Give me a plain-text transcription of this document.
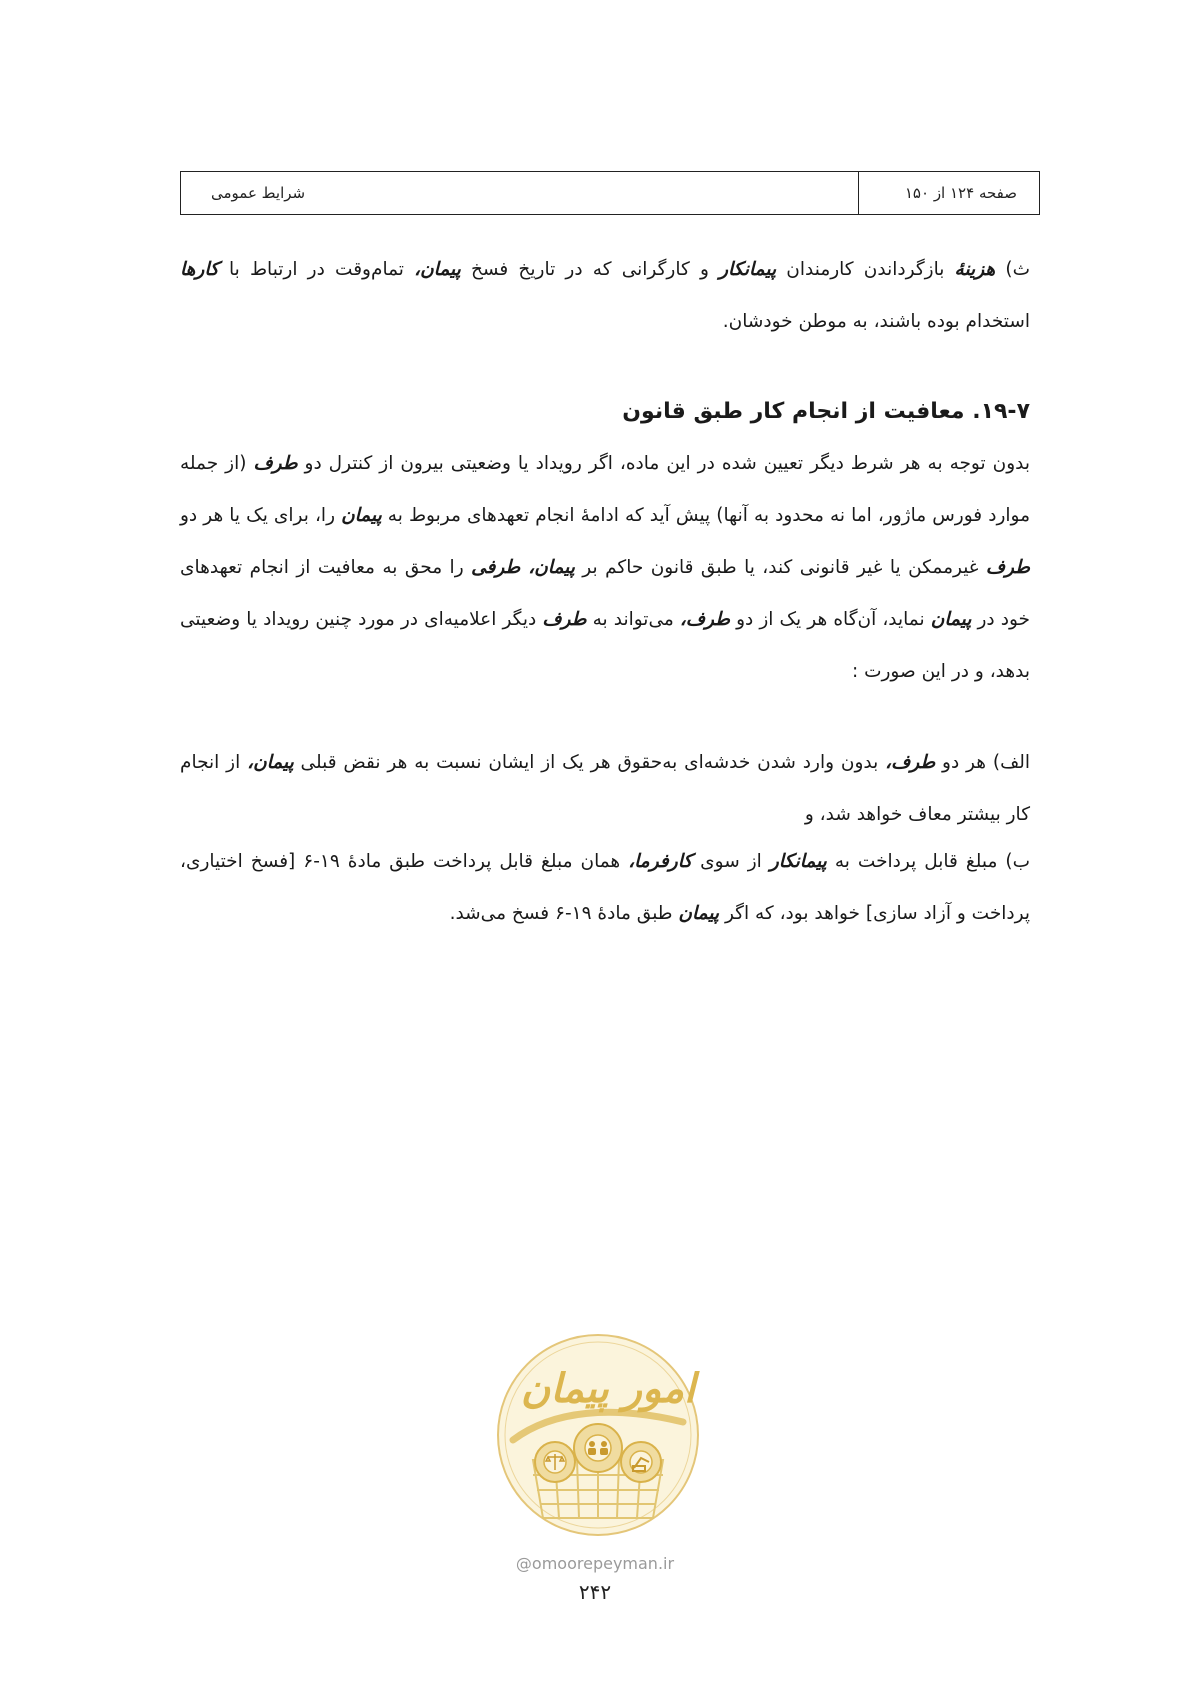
صفحه ۱۲۴ از ۱۵۰
شرایط عمومی
ث) هزینۀ بازگرداندن کارمندان پیمانکار و کارگرانی که در تاریخ فسخ پیمان، تمام‌وقت در ارتباط با کارها استخدام بوده باشند، به موطن خودشان.
۱۹-۷. معافیت از انجام کار طبق قانون
بدون توجه به هر شرط دیگر تعیین شده در این ماده، اگر رویداد یا وضعیتی بیرون از کنترل دو طرف (از جمله موارد فورس ماژور، اما نه محدود به آنها) پیش آید که ادامۀ انجام تعهدهای مربوط به پیمان را، برای یک یا هر دو طرف غیرممکن یا غیر قانونی کند، یا طبق قانون حاکم بر پیمان، طرفی را محق به معافیت از انجام تعهدهای خود در پیمان نماید، آن‌گاه هر یک از دو طرف، می‌تواند به طرف دیگر اعلامیه‌ای در مورد چنین رویداد یا وضعیتی بدهد، و در این صورت :
الف) هر دو طرف، بدون وارد شدن خدشه‌ای به‌حقوق هر یک از ایشان نسبت به هر نقض قبلی پیمان، از انجام کار بیشتر معاف خواهد شد، و
ب) مبلغ قابل پرداخت به پیمانکار از سوی کارفرما، همان مبلغ قابل پرداخت طبق مادۀ ۱۹-۶ [فسخ اختیاری، پرداخت و آزاد سازی] خواهد بود، که اگر پیمان طبق مادۀ ۱۹-۶ فسخ می‌شد.
امور پیمان
@omoorepeyman.ir
۲۴۲
